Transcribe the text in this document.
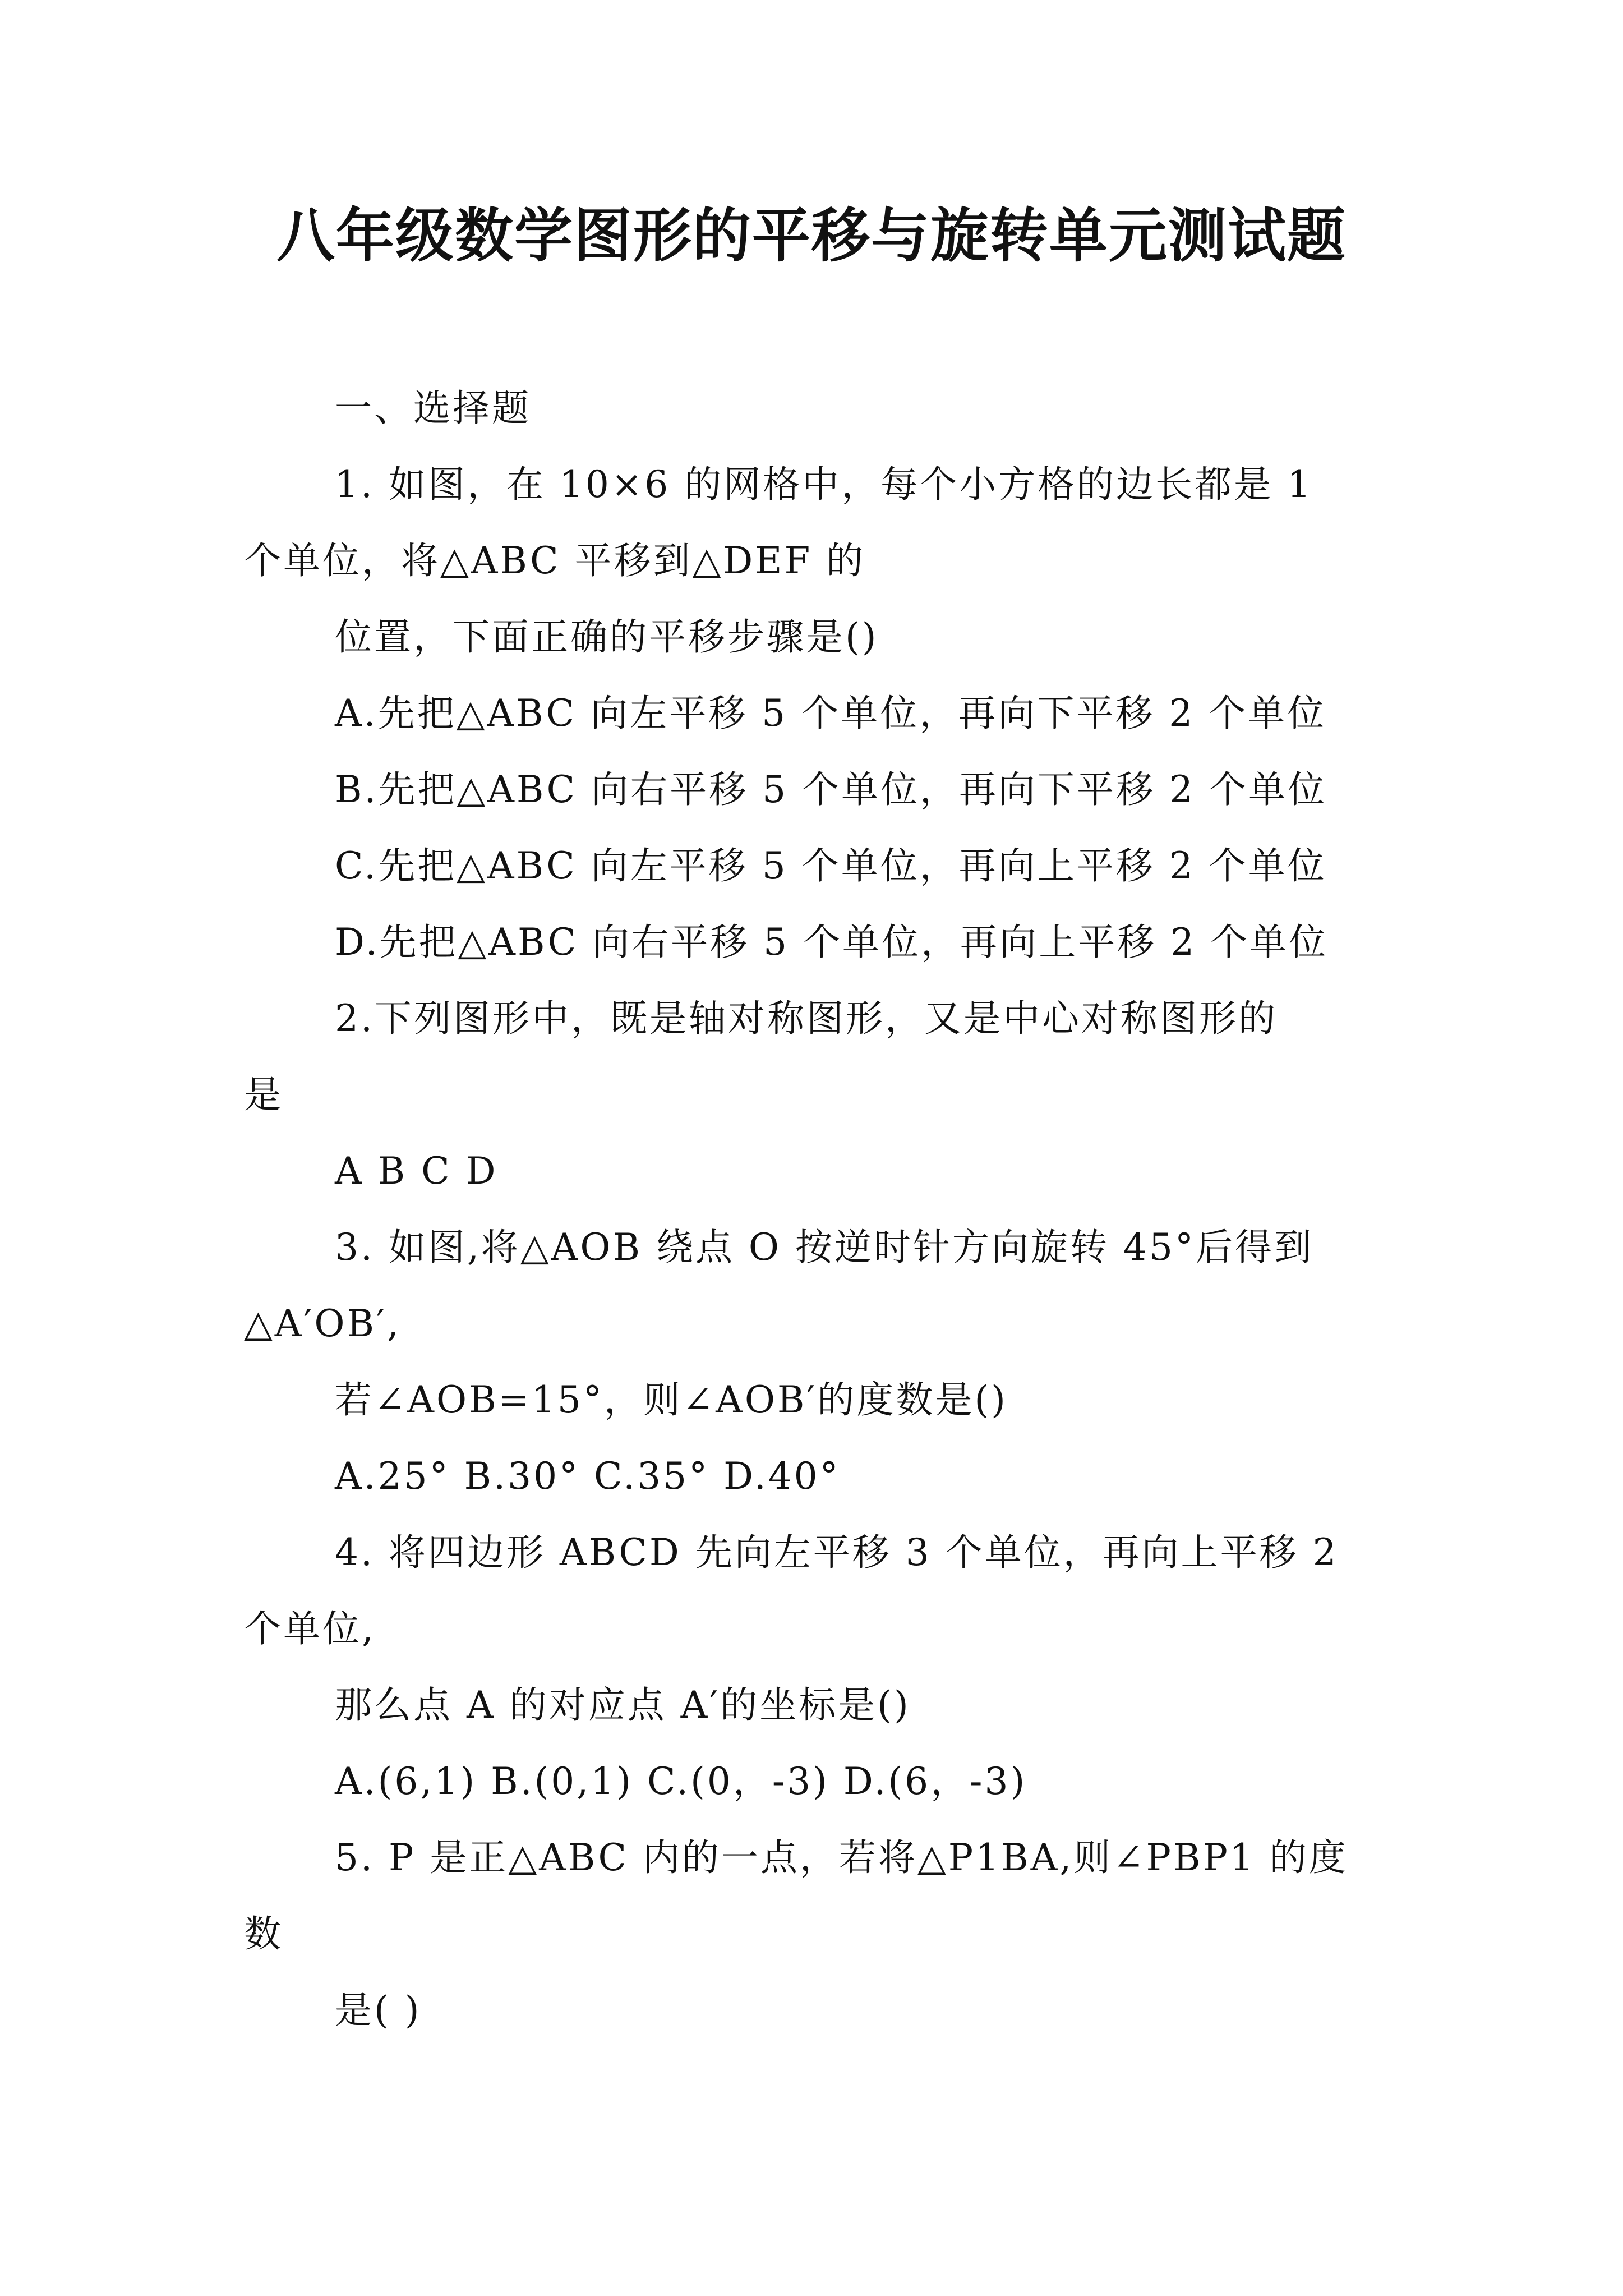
八年级数学图形的平移与旋转单元测试题
一、选择题
1. 如图，在 10×6 的网格中，每个小方格的边长都是 1
个单位，将△ABC 平移到△DEF 的
位置，下面正确的平移步骤是()
A.先把△ABC 向左平移 5 个单位，再向下平移 2 个单位
B.先把△ABC 向右平移 5 个单位，再向下平移 2 个单位
C.先把△ABC 向左平移 5 个单位，再向上平移 2 个单位
D.先把△ABC 向右平移 5 个单位，再向上平移 2 个单位
2.下列图形中，既是轴对称图形，又是中心对称图形的
是
A B C D
3. 如图,将△AOB 绕点 O 按逆时针方向旋转 45°后得到
△A′OB′,
若∠AOB=15°，则∠AOB′的度数是()
A.25° B.30° C.35° D.40°
4. 将四边形 ABCD 先向左平移 3 个单位，再向上平移 2
个单位,
那么点 A 的对应点 A′的坐标是()
A.(6,1) B.(0,1) C.(0，-3) D.(6，-3)
5. P 是正△ABC 内的一点，若将△P1BA,则∠PBP1 的度
数
是( )
